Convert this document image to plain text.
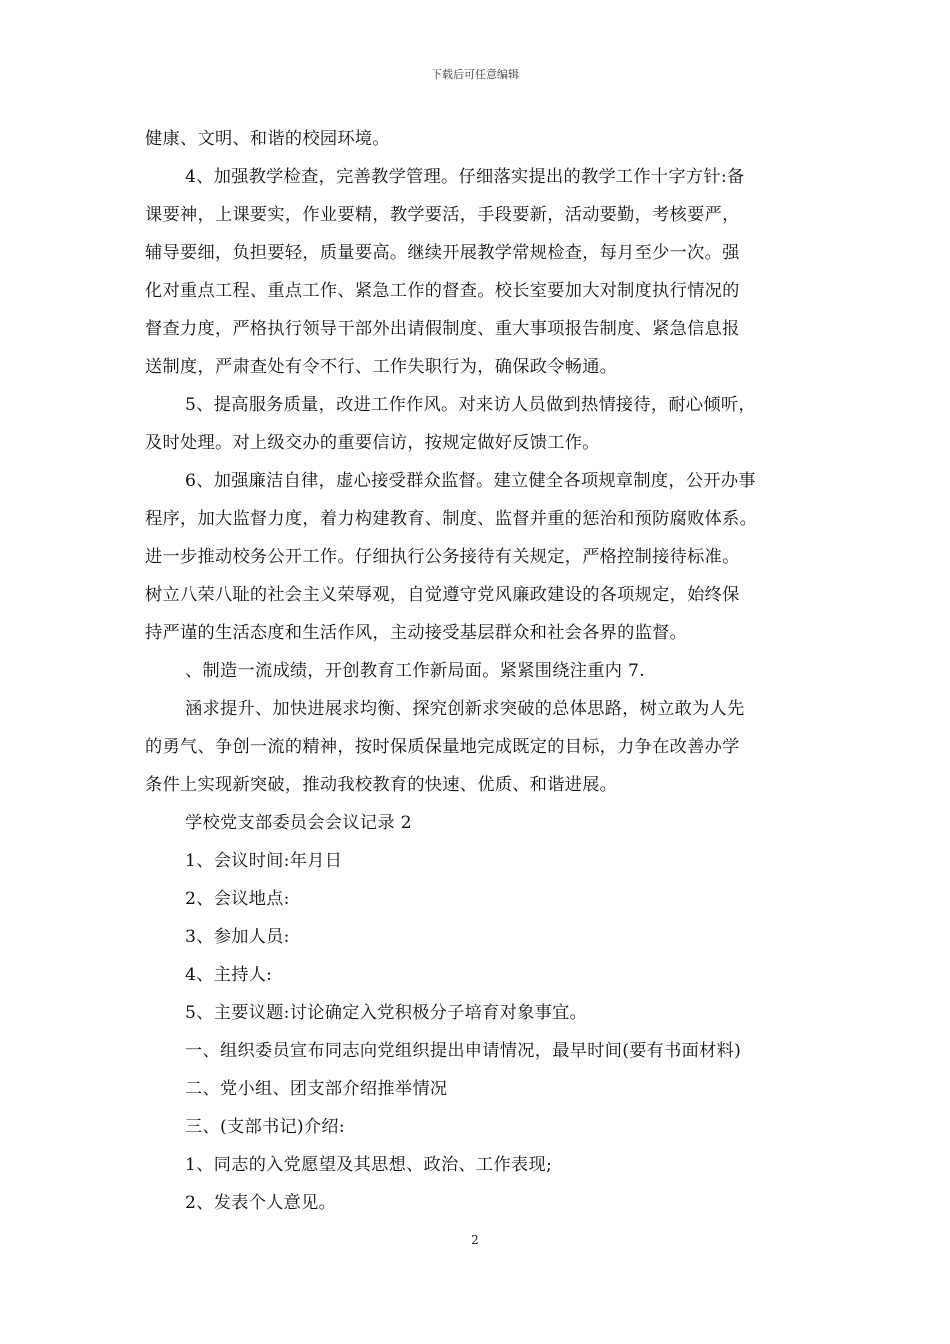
下载后可任意编辑
健康、文明、和谐的校园环境。
4、加强教学检查，完善教学管理。仔细落实提出的教学工作十字方针:备
课要神，上课要实，作业要精，教学要活，手段要新，活动要勤，考核要严，
辅导要细，负担要轻，质量要高。继续开展教学常规检查，每月至少一次。强
化对重点工程、重点工作、紧急工作的督查。校长室要加大对制度执行情况的
督查力度，严格执行领导干部外出请假制度、重大事项报告制度、紧急信息报
送制度，严肃查处有令不行、工作失职行为，确保政令畅通。
5、提高服务质量，改进工作作风。对来访人员做到热情接待，耐心倾听，
及时处理。对上级交办的重要信访，按规定做好反馈工作。
6、加强廉洁自律，虚心接受群众监督。建立健全各项规章制度，公开办事
程序，加大监督力度，着力构建教育、制度、监督并重的惩治和预防腐败体系。
进一步推动校务公开工作。仔细执行公务接待有关规定，严格控制接待标准。
树立八荣八耻的社会主义荣辱观，自觉遵守党风廉政建设的各项规定，始终保
持严谨的生活态度和生活作风，主动接受基层群众和社会各界的监督。
、制造一流成绩，开创教育工作新局面。紧紧围绕注重内 7.
涵求提升、加快进展求均衡、探究创新求突破的总体思路，树立敢为人先
的勇气、争创一流的精神，按时保质保量地完成既定的目标，力争在改善办学
条件上实现新突破，推动我校教育的快速、优质、和谐进展。
学校党支部委员会会议记录 2
1、会议时间:年月日
2、会议地点:
3、参加人员:
4、主持人:
5、主要议题:讨论确定入党积极分子培育对象事宜。
一、组织委员宣布同志向党组织提出申请情况，最早时间(要有书面材料)
二、党小组、团支部介绍推举情况
三、(支部书记)介绍:
1、同志的入党愿望及其思想、政治、工作表现;
2、发表个人意见。
2
